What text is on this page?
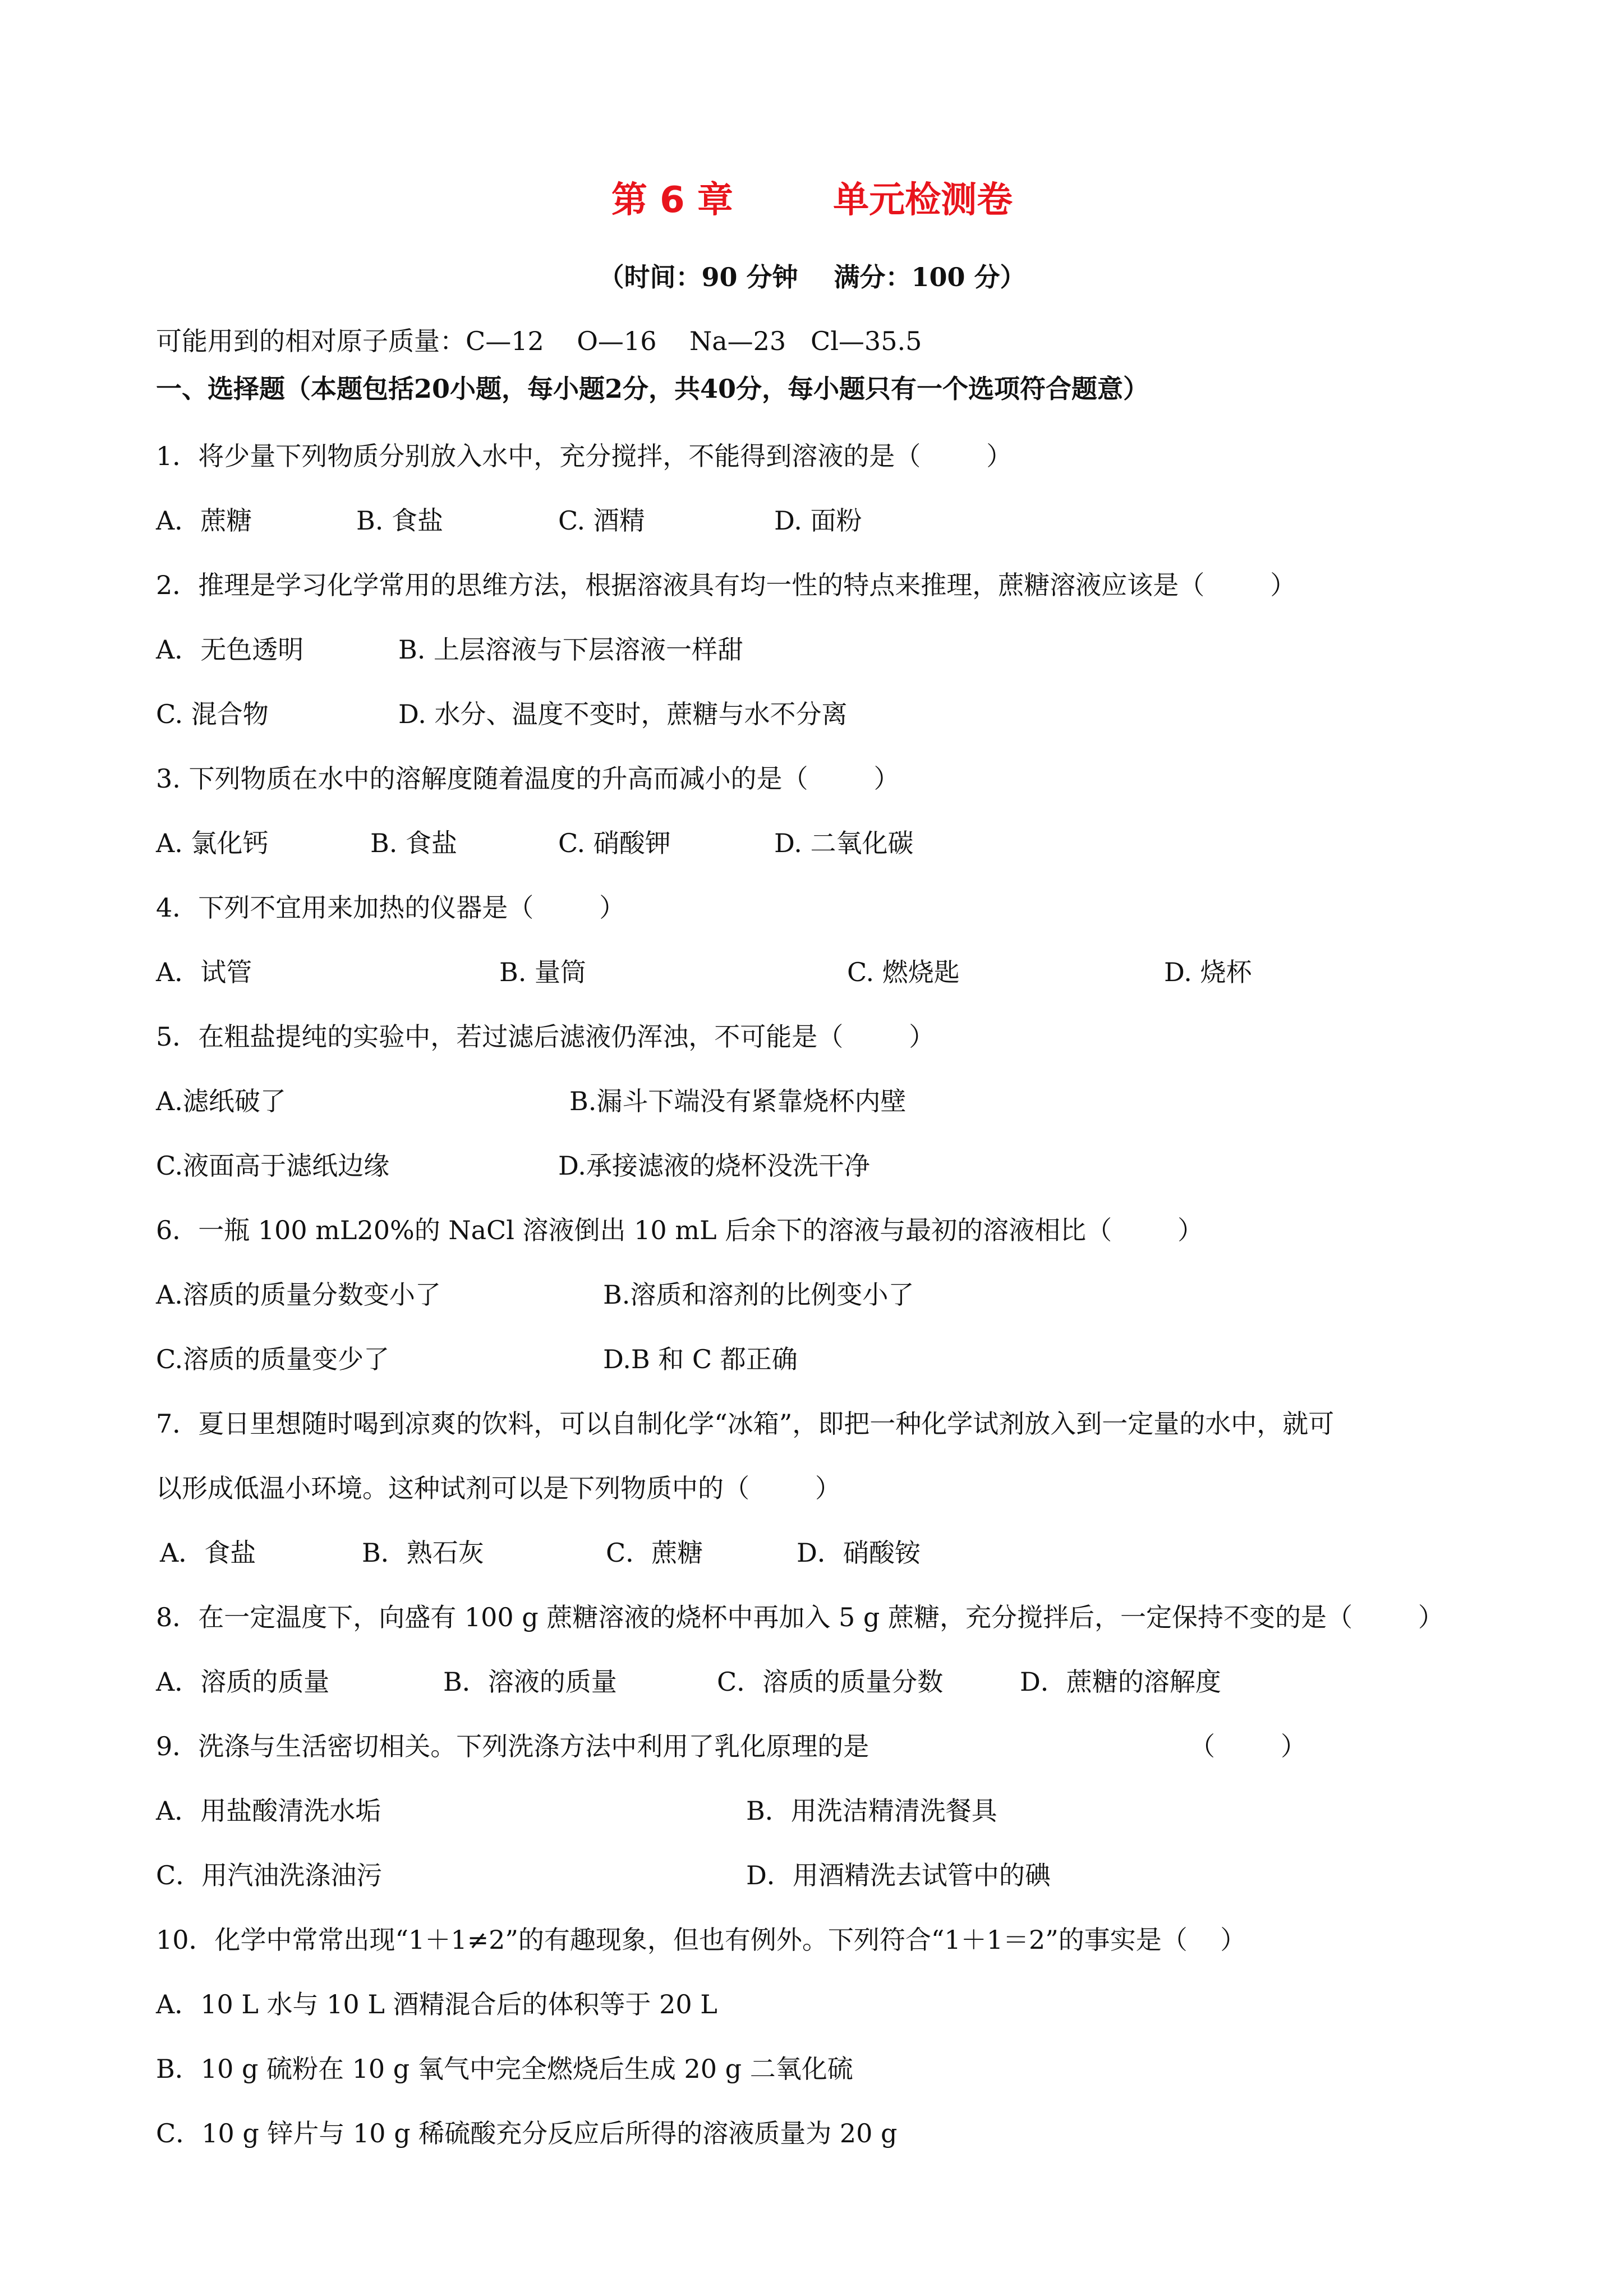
第 6 章        单元检测卷
（时间：90 分钟    满分：100 分）
可能用到的相对原子质量：C—12    O—16    Na—23   Cl—35.5
一、选择题（本题包括20小题，每小题2分，共40分，每小题只有一个选项符合题意）
1．将少量下列物质分别放入水中，充分搅拌，不能得到溶液的是（        ）
A．蔗糖	B. 食盐	C. 酒精	D. 面粉
2．推理是学习化学常用的思维方法，根据溶液具有均一性的特点来推理，蔗糖溶液应该是（        ）
A．无色透明	B. 上层溶液与下层溶液一样甜
C. 混合物	D. 水分、温度不变时，蔗糖与水不分离
3. 下列物质在水中的溶解度随着温度的升高而减小的是（        ）
A. 氯化钙	B. 食盐	C. 硝酸钾	D. 二氧化碳
4．下列不宜用来加热的仪器是（        ）
A．试管	B. 量筒	C. 燃烧匙	D. 烧杯
5．在粗盐提纯的实验中，若过滤后滤液仍浑浊，不可能是（        ）
A.滤纸破了	B.漏斗下端没有紧靠烧杯内壁
C.液面高于滤纸边缘	D.承接滤液的烧杯没洗干净
6．一瓶 100 mL20%的 NaCl 溶液倒出 10 mL 后余下的溶液与最初的溶液相比（        ）
A.溶质的质量分数变小了	B.溶质和溶剂的比例变小了
C.溶质的质量变少了	D.B 和 C 都正确
7．夏日里想随时喝到凉爽的饮料，可以自制化学“冰箱”，即把一种化学试剂放入到一定量的水中，就可
以形成低温小环境。这种试剂可以是下列物质中的（        ）
A．食盐	B．熟石灰	C．蔗糖	D．硝酸铵
8．在一定温度下，向盛有 100 g 蔗糖溶液的烧杯中再加入 5 g 蔗糖，充分搅拌后，一定保持不变的是（        ）
A．溶质的质量	B．溶液的质量	C．溶质的质量分数	D．蔗糖的溶解度
9．洗涤与生活密切相关。下列洗涤方法中利用了乳化原理的是	（        ）
A．用盐酸清洗水垢	B．用洗洁精清洗餐具
C．用汽油洗涤油污	D．用酒精洗去试管中的碘
10．化学中常常出现“1＋1≠2”的有趣现象，但也有例外。下列符合“1＋1＝2”的事实是（    ）
A．10 L 水与 10 L 酒精混合后的体积等于 20 L
B．10 g 硫粉在 10 g 氧气中完全燃烧后生成 20 g 二氧化硫
C．10 g 锌片与 10 g 稀硫酸充分反应后所得的溶液质量为 20 g
